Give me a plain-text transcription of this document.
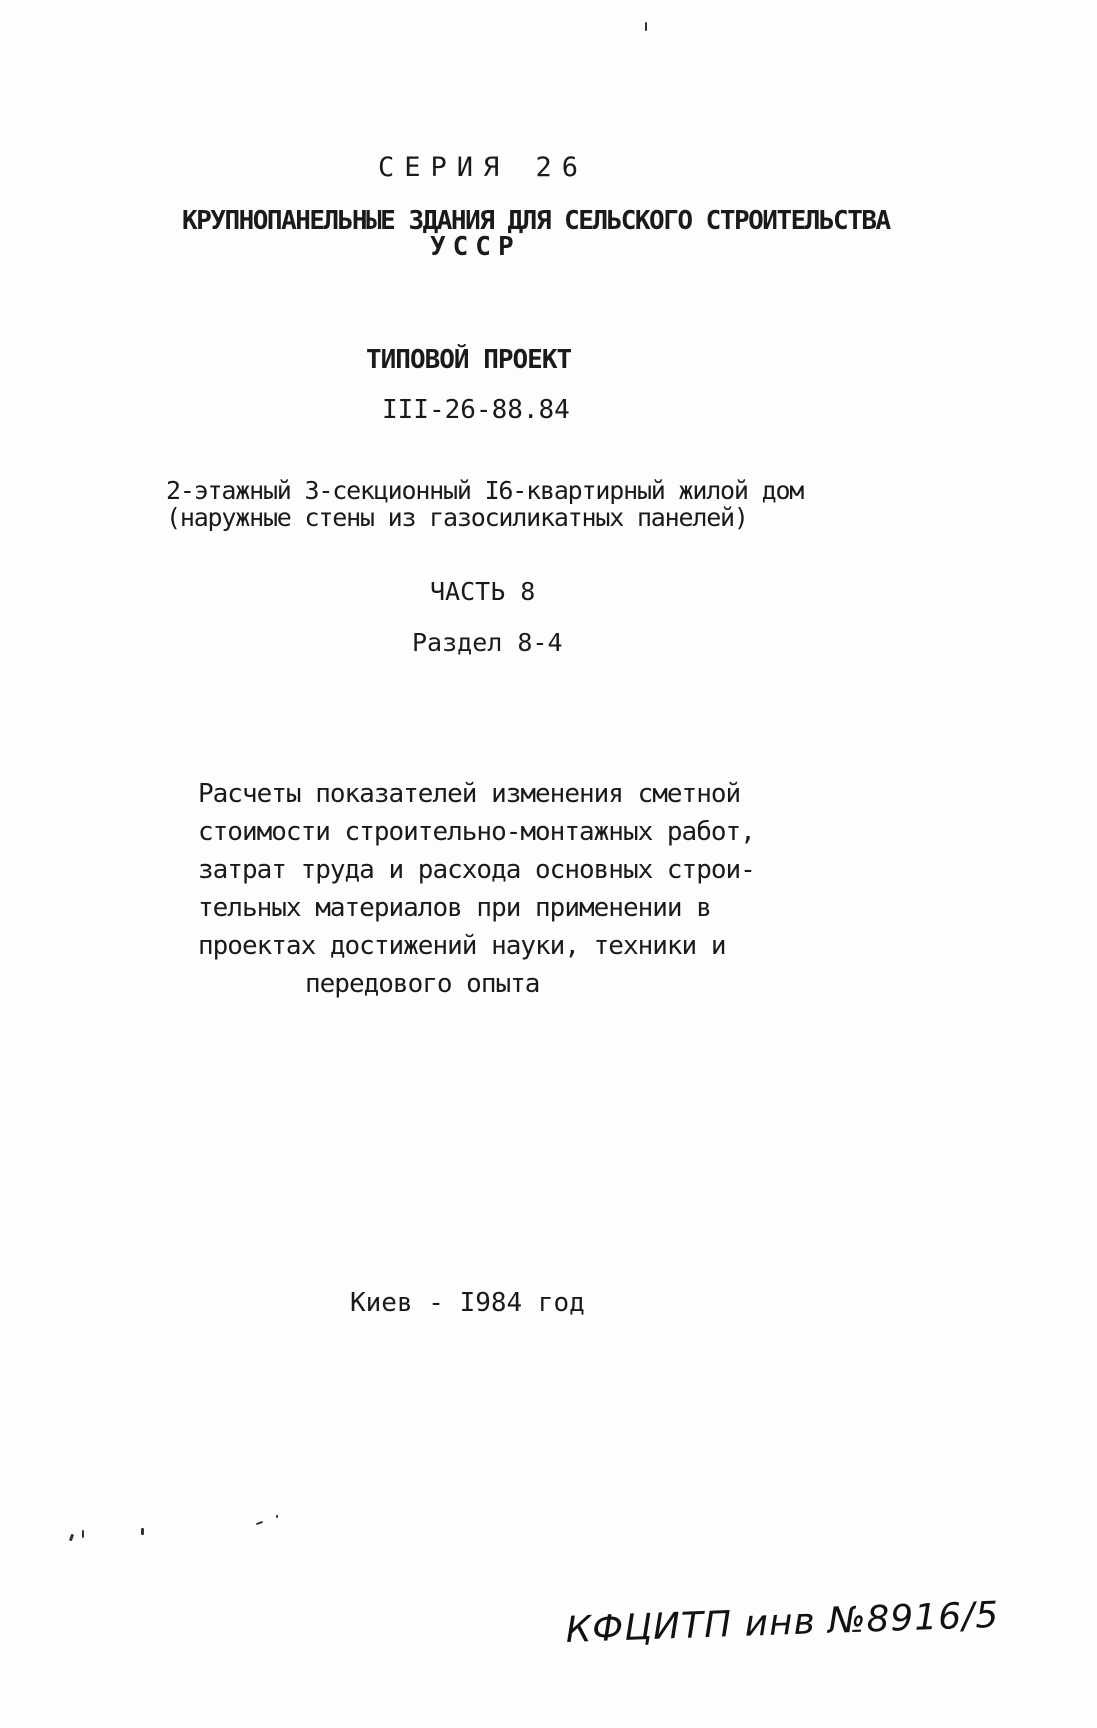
СЕРИЯ 26
КРУПНОПАНЕЛЬНЫЕ ЗДАНИЯ ДЛЯ СЕЛЬСКОГО СТРОИТЕЛЬСТВА
УССР
ТИПОВОЙ ПРОЕКТ
III-26-88.84
2-этажный 3-секционный I6-квартирный жилой дом
(наружные стены из газосиликатных панелей)
ЧАСТЬ 8
Раздел 8-4
Расчеты показателей изменения сметной
стоимости строительно-монтажных работ,
затрат труда и расхода основных строи-
тельных материалов при применении в
проектах достижений науки, техники и
передового опыта
Киев - I984 год
КФЦИТП инв №8916/5
